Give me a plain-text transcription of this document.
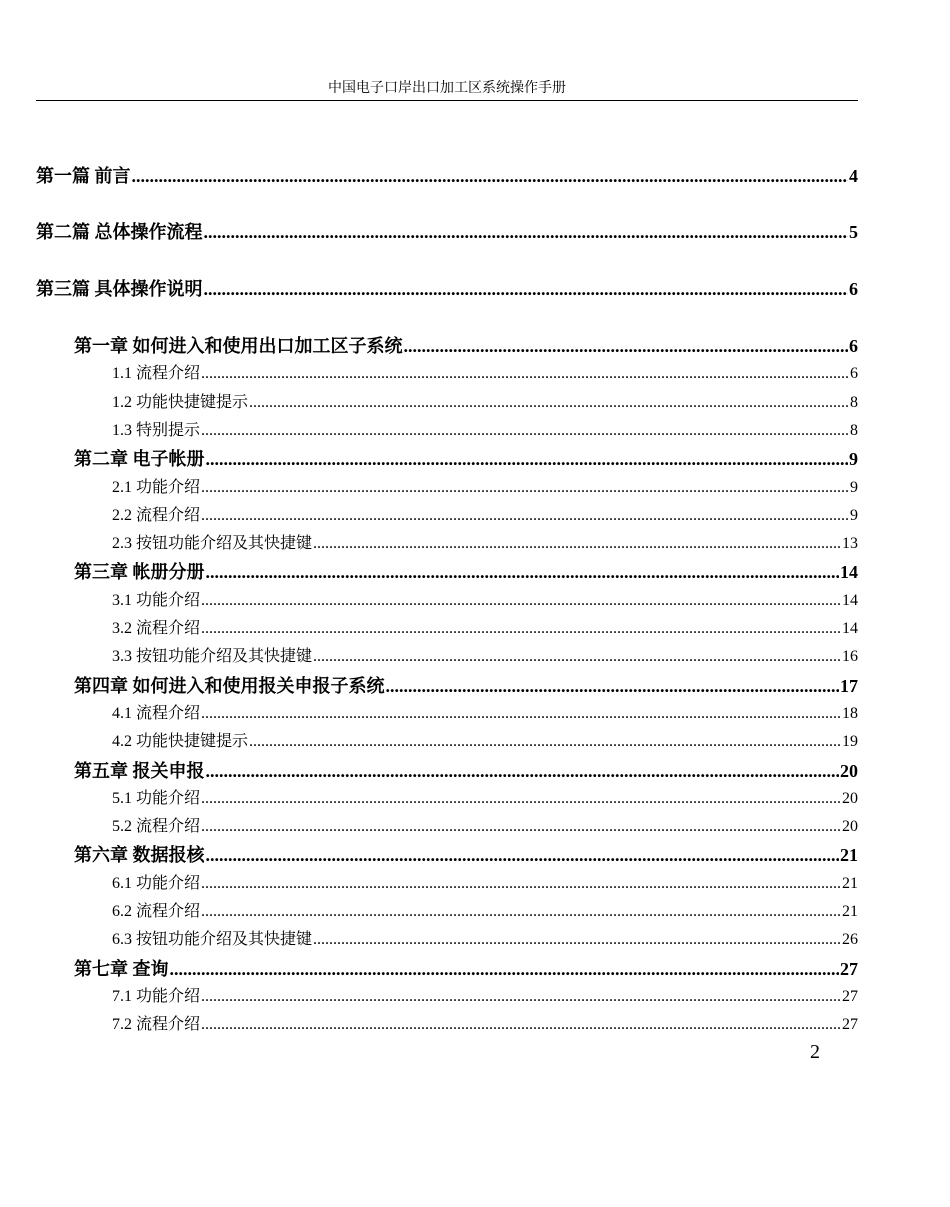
中国电子口岸出口加工区系统操作手册
第一篇 前言 .....	4
第二篇 总体操作流程 .....	5
第三篇 具体操作说明 .....	6
第一章 如何进入和使用出口加工区子系统 .....	6
1.1 流程介绍 .....	6
1.2 功能快捷键提示 .....	8
1.3 特别提示 .....	8
第二章 电子帐册 .....	9
2.1 功能介绍 .....	9
2.2 流程介绍 .....	9
2.3 按钮功能介绍及其快捷键 .....	13
第三章 帐册分册 .....	14
3.1 功能介绍 .....	14
3.2 流程介绍 .....	14
3.3 按钮功能介绍及其快捷键 .....	16
第四章 如何进入和使用报关申报子系统 .....	17
4.1 流程介绍 .....	18
4.2 功能快捷键提示 .....	19
第五章 报关申报 .....	20
5.1 功能介绍 .....	20
5.2 流程介绍 .....	20
第六章 数据报核 .....	21
6.1 功能介绍 .....	21
6.2 流程介绍 .....	21
6.3 按钮功能介绍及其快捷键 .....	26
第七章 查询 .....	27
7.1 功能介绍 .....	27
7.2 流程介绍 .....	27
2
